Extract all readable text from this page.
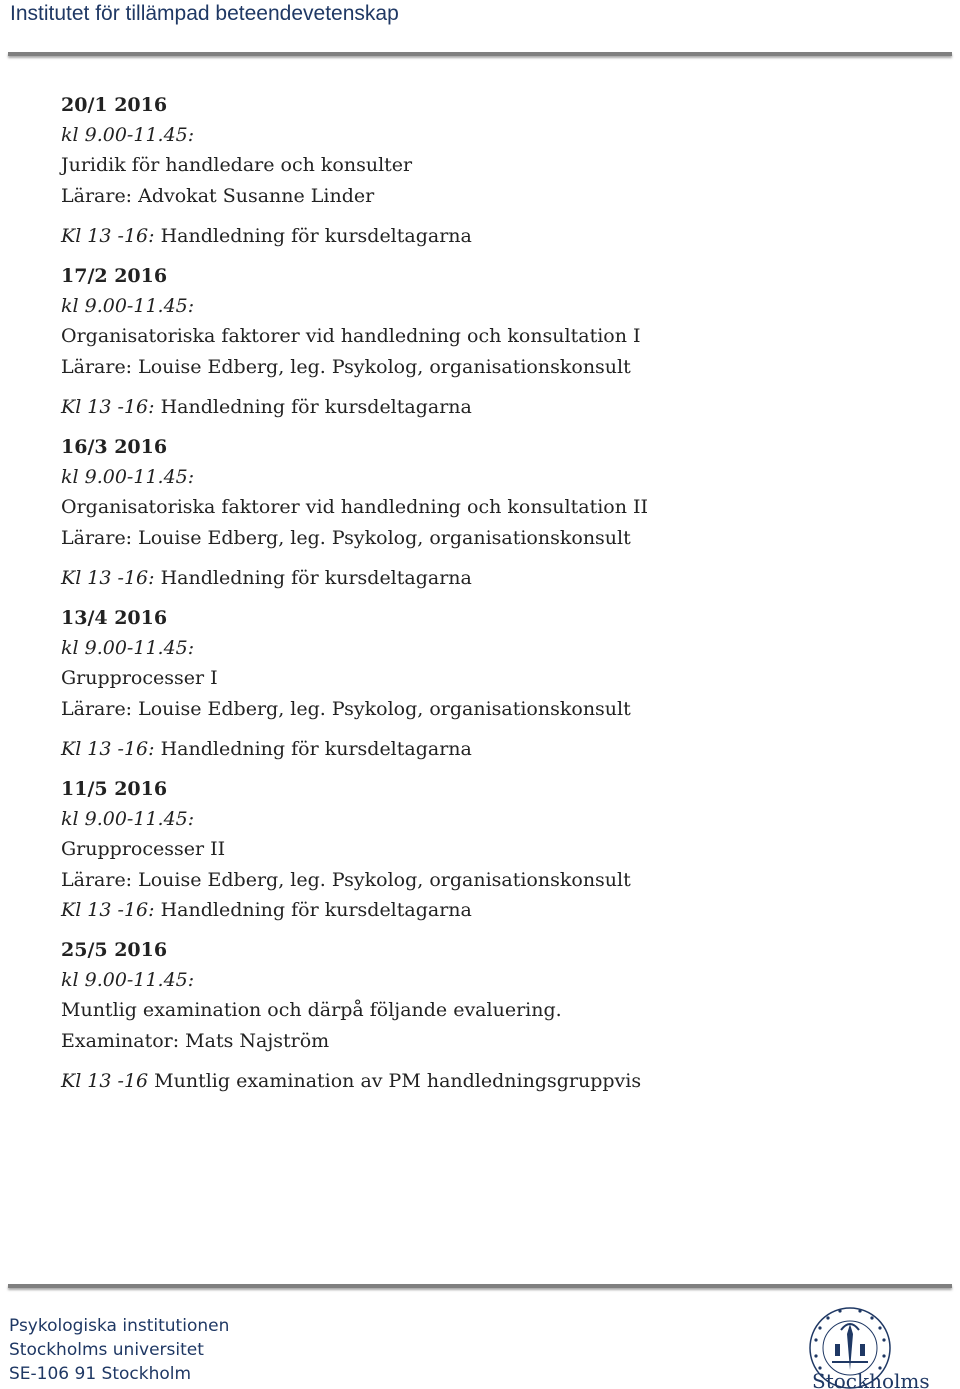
Institutet för tillämpad beteendevetenskap
20/1 2016
kl 9.00-11.45:
Juridik för handledare och konsulter
Lärare: Advokat Susanne Linder
Kl 13 -16: Handledning för kursdeltagarna
17/2 2016
kl 9.00-11.45:
Organisatoriska faktorer vid handledning och konsultation I
Lärare: Louise Edberg, leg. Psykolog, organisationskonsult
Kl 13 -16: Handledning för kursdeltagarna
16/3 2016
kl 9.00-11.45:
Organisatoriska faktorer vid handledning och konsultation II
Lärare: Louise Edberg, leg. Psykolog, organisationskonsult
Kl 13 -16: Handledning för kursdeltagarna
13/4 2016
kl 9.00-11.45:
Grupprocesser I
Lärare: Louise Edberg, leg. Psykolog, organisationskonsult
Kl 13 -16: Handledning för kursdeltagarna
11/5 2016
kl 9.00-11.45:
Grupprocesser II
Lärare: Louise Edberg, leg. Psykolog, organisationskonsult
Kl 13 -16: Handledning för kursdeltagarna
25/5 2016
kl 9.00-11.45:
Muntlig examination och därpå följande evaluering.
Examinator: Mats Najström
Kl 13 -16 Muntlig examination av PM handledningsgruppvis
Psykologiska institutionen
Stockholms universitet
SE-106 91 Stockholm	Stockholms
